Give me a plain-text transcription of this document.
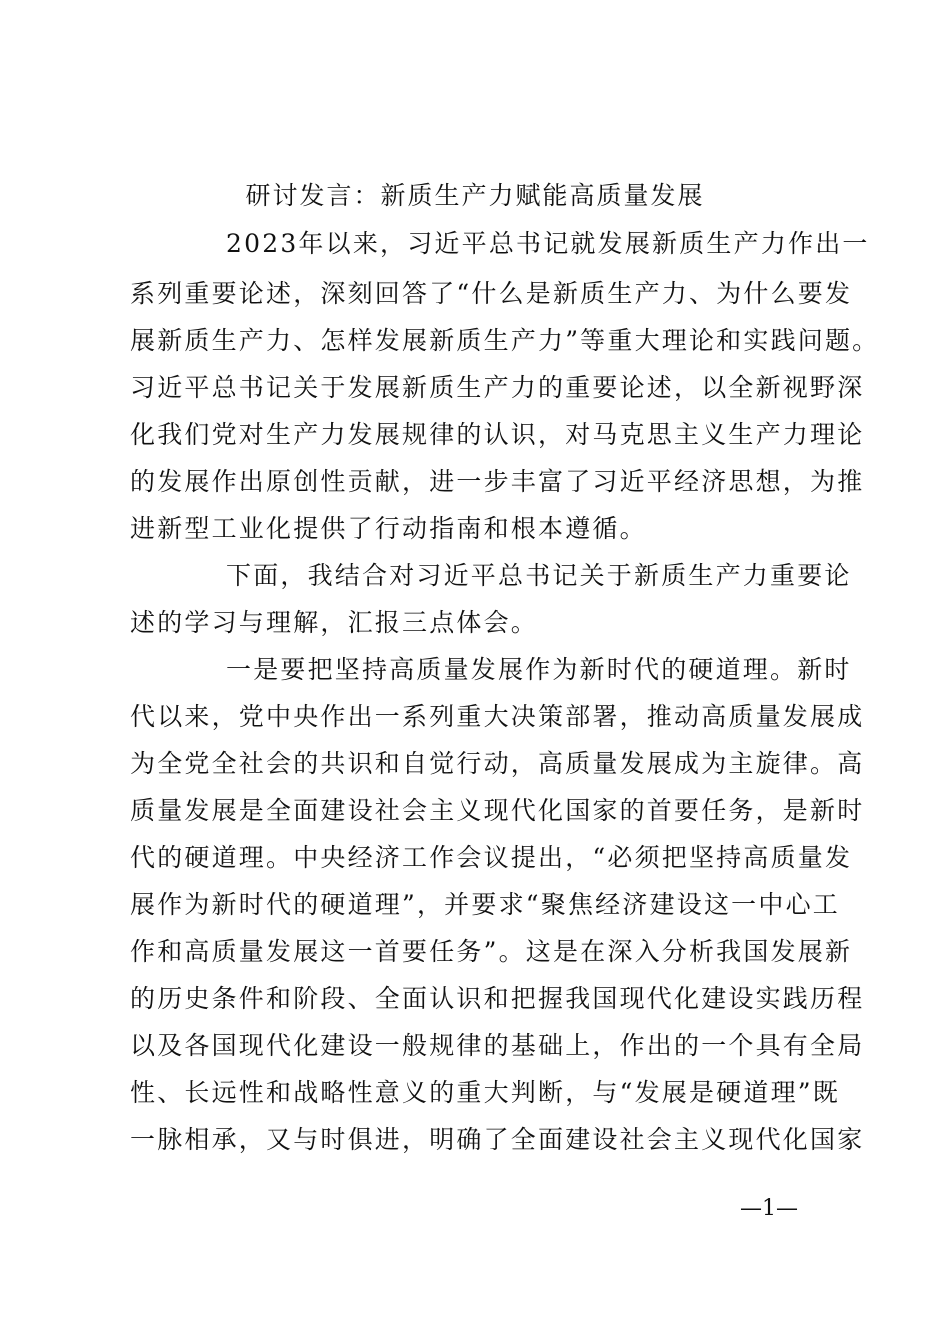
研讨发言：新质生产力赋能高质量发展
2023年以来，习近平总书记就发展新质生产力作出一
系列重要论述，深刻回答了“什么是新质生产力、为什么要发
展新质生产力、怎样发展新质生产力”等重大理论和实践问题。
习近平总书记关于发展新质生产力的重要论述，以全新视野深
化我们党对生产力发展规律的认识，对马克思主义生产力理论
的发展作出原创性贡献，进一步丰富了习近平经济思想，为推
进新型工业化提供了行动指南和根本遵循。
下面，我结合对习近平总书记关于新质生产力重要论
述的学习与理解，汇报三点体会。
一是要把坚持高质量发展作为新时代的硬道理。新时
代以来，党中央作出一系列重大决策部署，推动高质量发展成
为全党全社会的共识和自觉行动，高质量发展成为主旋律。高
质量发展是全面建设社会主义现代化国家的首要任务，是新时
代的硬道理。中央经济工作会议提出，“必须把坚持高质量发
展作为新时代的硬道理”，并要求“聚焦经济建设这一中心工
作和高质量发展这一首要任务”。这是在深入分析我国发展新
的历史条件和阶段、全面认识和把握我国现代化建设实践历程
以及各国现代化建设一般规律的基础上，作出的一个具有全局
性、长远性和战略性意义的重大判断，与“发展是硬道理”既
一脉相承，又与时俱进，明确了全面建设社会主义现代化国家
—1—
